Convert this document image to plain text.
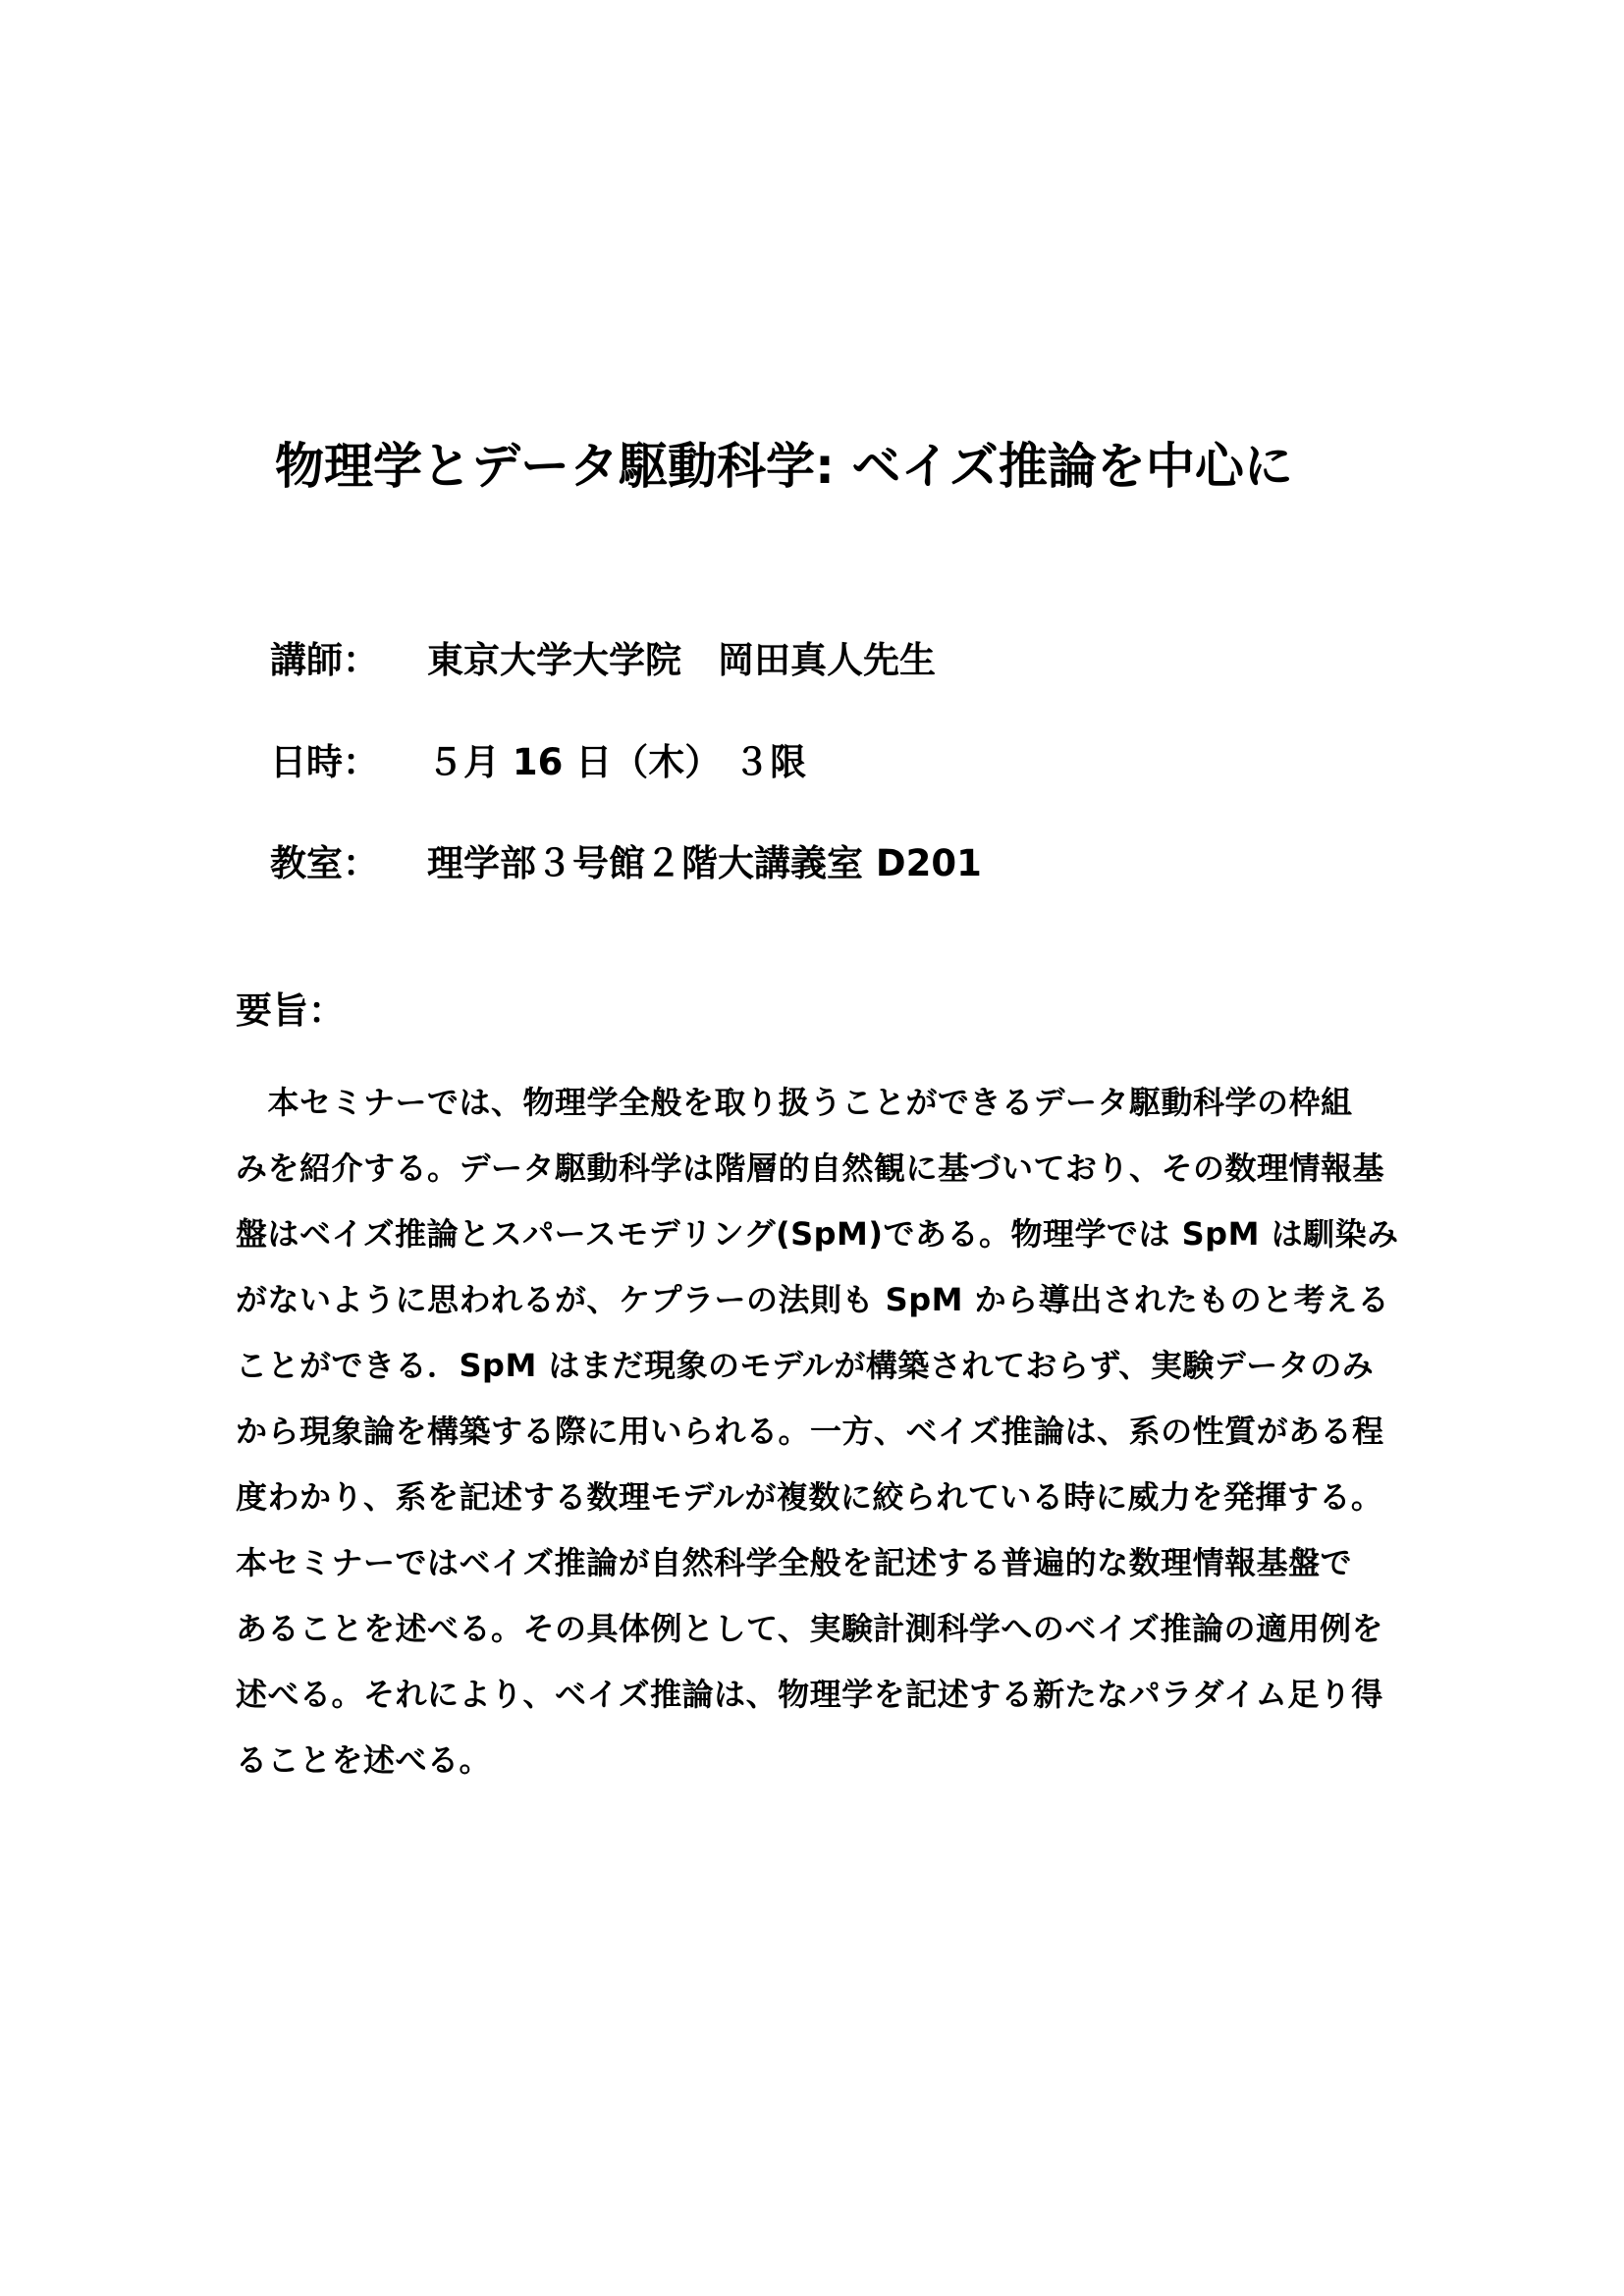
物理学とデータ駆動科学: ベイズ推論を中心に
講師： 東京大学大学院　岡田真人先生
日時： ５月 16 日（木） ３限
教室： 理学部３号館２階大講義室 D201
要旨：
　本セミナーでは、物理学全般を取り扱うことができるデータ駆動科学の枠組
みを紹介する。データ駆動科学は階層的自然観に基づいており、その数理情報基
盤はベイズ推論とスパースモデリング(SpM)である。物理学では SpM は馴染み
がないように思われるが、ケプラーの法則も SpM から導出されたものと考える
ことができる．SpM はまだ現象のモデルが構築されておらず、実験データのみ
から現象論を構築する際に用いられる。一方、ベイズ推論は、系の性質がある程
度わかり、系を記述する数理モデルが複数に絞られている時に威力を発揮する。
本セミナーではベイズ推論が自然科学全般を記述する普遍的な数理情報基盤で
あることを述べる。その具体例として、実験計測科学へのベイズ推論の適用例を
述べる。それにより、ベイズ推論は、物理学を記述する新たなパラダイム足り得
ることを述べる。
